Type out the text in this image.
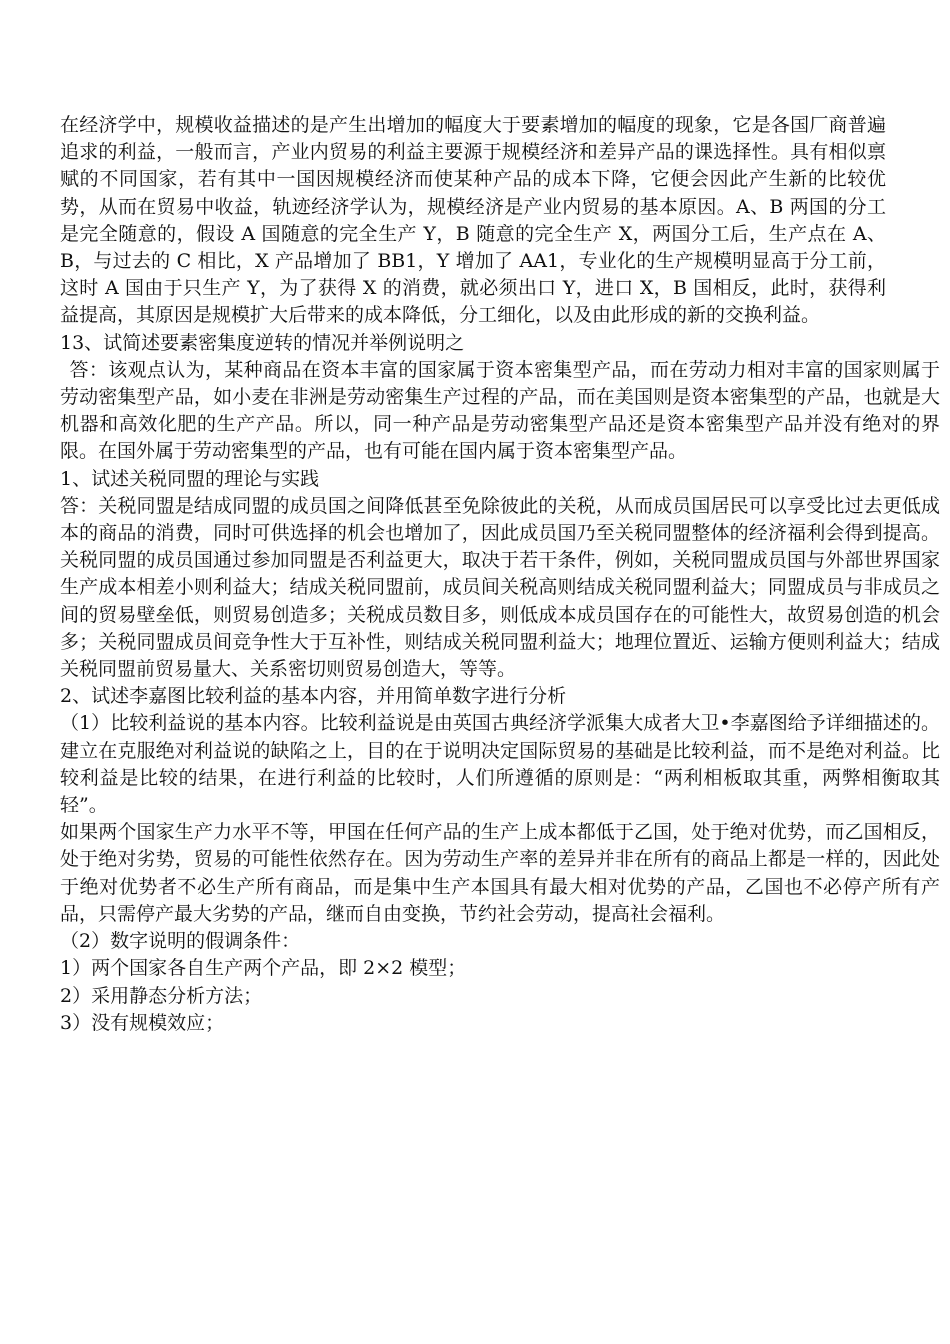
在经济学中，规模收益描述的是产生出增加的幅度大于要素增加的幅度的现象，它是各国厂商普遍追求的利益，一般而言，产业内贸易的利益主要源于规模经济和差异产品的课选择性。具有相似禀赋的不同国家，若有其中一国因规模经济而使某种产品的成本下降，它便会因此产生新的比较优势，从而在贸易中收益，轨迹经济学认为，规模经济是产业内贸易的基本原因。A、B 两国的分工是完全随意的，假设 A 国随意的完全生产 Y，B 随意的完全生产 X，两国分工后，生产点在 A、B，与过去的 C 相比，X 产品增加了 BB1，Y 增加了 AA1，专业化的生产规模明显高于分工前，这时 A 国由于只生产 Y，为了获得 X 的消费，就必须出口 Y，进口 X，B 国相反，此时，获得利益提高，其原因是规模扩大后带来的成本降低，分工细化，以及由此形成的新的交换利益。

13、试简述要素密集度逆转的情况并举例说明之

答：该观点认为，某种商品在资本丰富的国家属于资本密集型产品，而在劳动力相对丰富的国家则属于劳动密集型产品，如小麦在非洲是劳动密集生产过程的产品，而在美国则是资本密集型的产品，也就是大机器和高效化肥的生产产品。所以，同一种产品是劳动密集型产品还是资本密集型产品并没有绝对的界限。在国外属于劳动密集型的产品，也有可能在国内属于资本密集型产品。

1、试述关税同盟的理论与实践

答：关税同盟是结成同盟的成员国之间降低甚至免除彼此的关税，从而成员国居民可以享受比过去更低成本的商品的消费，同时可供选择的机会也增加了，因此成员国乃至关税同盟整体的经济福利会得到提高。关税同盟的成员国通过参加同盟是否利益更大，取决于若干条件，例如，关税同盟成员国与外部世界国家生产成本相差小则利益大；结成关税同盟前，成员间关税高则结成关税同盟利益大；同盟成员与非成员之间的贸易壁垒低，则贸易创造多；关税成员数目多，则低成本成员国存在的可能性大，故贸易创造的机会多；关税同盟成员间竞争性大于互补性，则结成关税同盟利益大；地理位置近、运输方便则利益大；结成关税同盟前贸易量大、关系密切则贸易创造大，等等。

2、试述李嘉图比较利益的基本内容，并用简单数字进行分析

（1）比较利益说的基本内容。比较利益说是由英国古典经济学派集大成者大卫•李嘉图给予详细描述的。建立在克服绝对利益说的缺陷之上，目的在于说明决定国际贸易的基础是比较利益，而不是绝对利益。比较利益是比较的结果，在进行利益的比较时，人们所遵循的原则是：“两利相板取其重，两弊相衡取其轻”。

如果两个国家生产力水平不等，甲国在任何产品的生产上成本都低于乙国，处于绝对优势，而乙国相反，处于绝对劣势，贸易的可能性依然存在。因为劳动生产率的差异并非在所有的商品上都是一样的，因此处于绝对优势者不必生产所有商品，而是集中生产本国具有最大相对优势的产品，乙国也不必停产所有产品，只需停产最大劣势的产品，继而自由变换，节约社会劳动，提高社会福利。

（2）数字说明的假调条件：

1）两个国家各自生产两个产品，即 2×2 模型；

2）采用静态分析方法；

3）没有规模效应；
